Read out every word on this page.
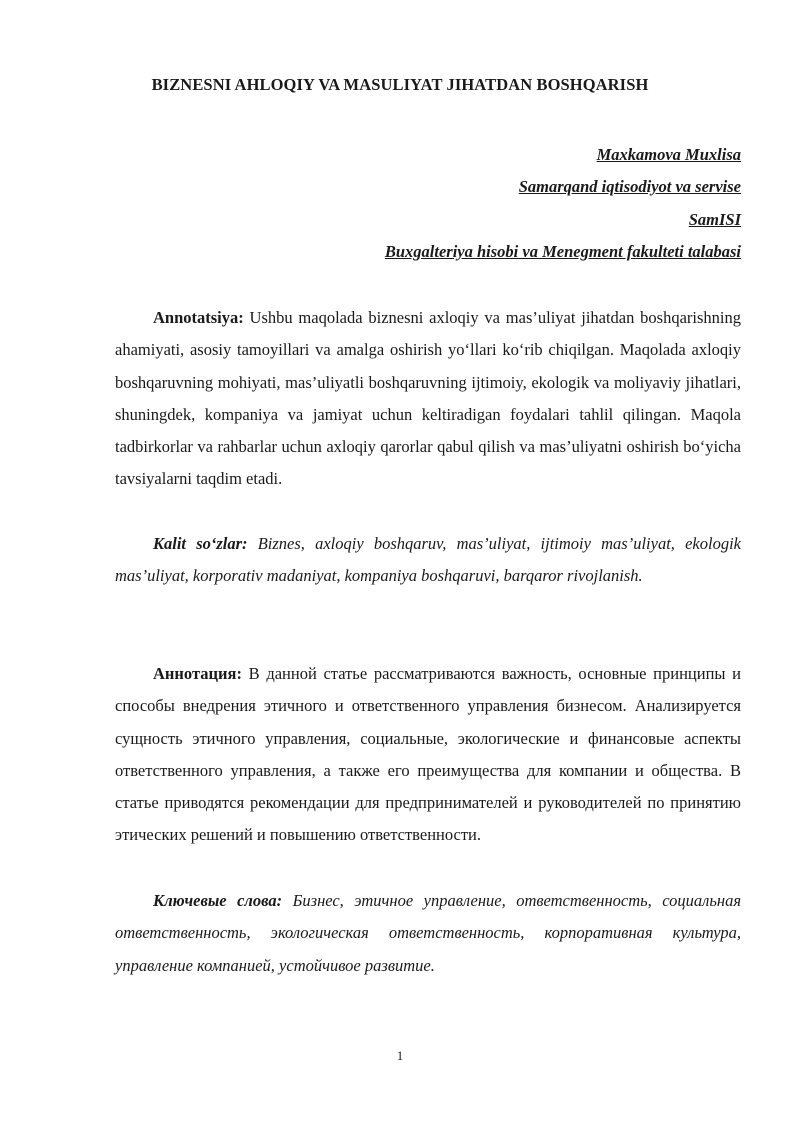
BIZNESNI AHLOQIY VA MASULIYAT JIHATDAN BOSHQARISH
Maxkamova Muxlisa
Samarqand iqtisodiyot va servise
SamISI
Buxgalteriya hisobi va Menegment fakulteti talabasi

Annotatsiya: Ushbu maqolada biznesni axloqiy va mas’uliyat jihatdan boshqarishning ahamiyati, asosiy tamoyillari va amalga oshirish yo‘llari ko‘rib chiqilgan. Maqolada axloqiy boshqaruvning mohiyati, mas’uliyatli boshqaruvning ijtimoiy, ekologik va moliyaviy jihatlari, shuningdek, kompaniya va jamiyat uchun keltiradigan foydalari tahlil qilingan. Maqola tadbirkorlar va rahbarlar uchun axloqiy qarorlar qabul qilish va mas’uliyatni oshirish bo‘yicha tavsiyalarni taqdim etadi.

Kalit so‘zlar: Biznes, axloqiy boshqaruv, mas’uliyat, ijtimoiy mas’uliyat, ekologik mas’uliyat, korporativ madaniyat, kompaniya boshqaruvi, barqaror rivojlanish.

Аннотация: В данной статье рассматриваются важность, основные принципы и способы внедрения этичного и ответственного управления бизнесом. Анализируется сущность этичного управления, социальные, экологические и финансовые аспекты ответственного управления, а также его преимущества для компании и общества. В статье приводятся рекомендации для предпринимателей и руководителей по принятию этических решений и повышению ответственности.

Ключевые слова: Бизнес, этичное управление, ответственность, социальная ответственность, экологическая ответственность, корпоративная культура, управление компанией, устойчивое развитие.

1
